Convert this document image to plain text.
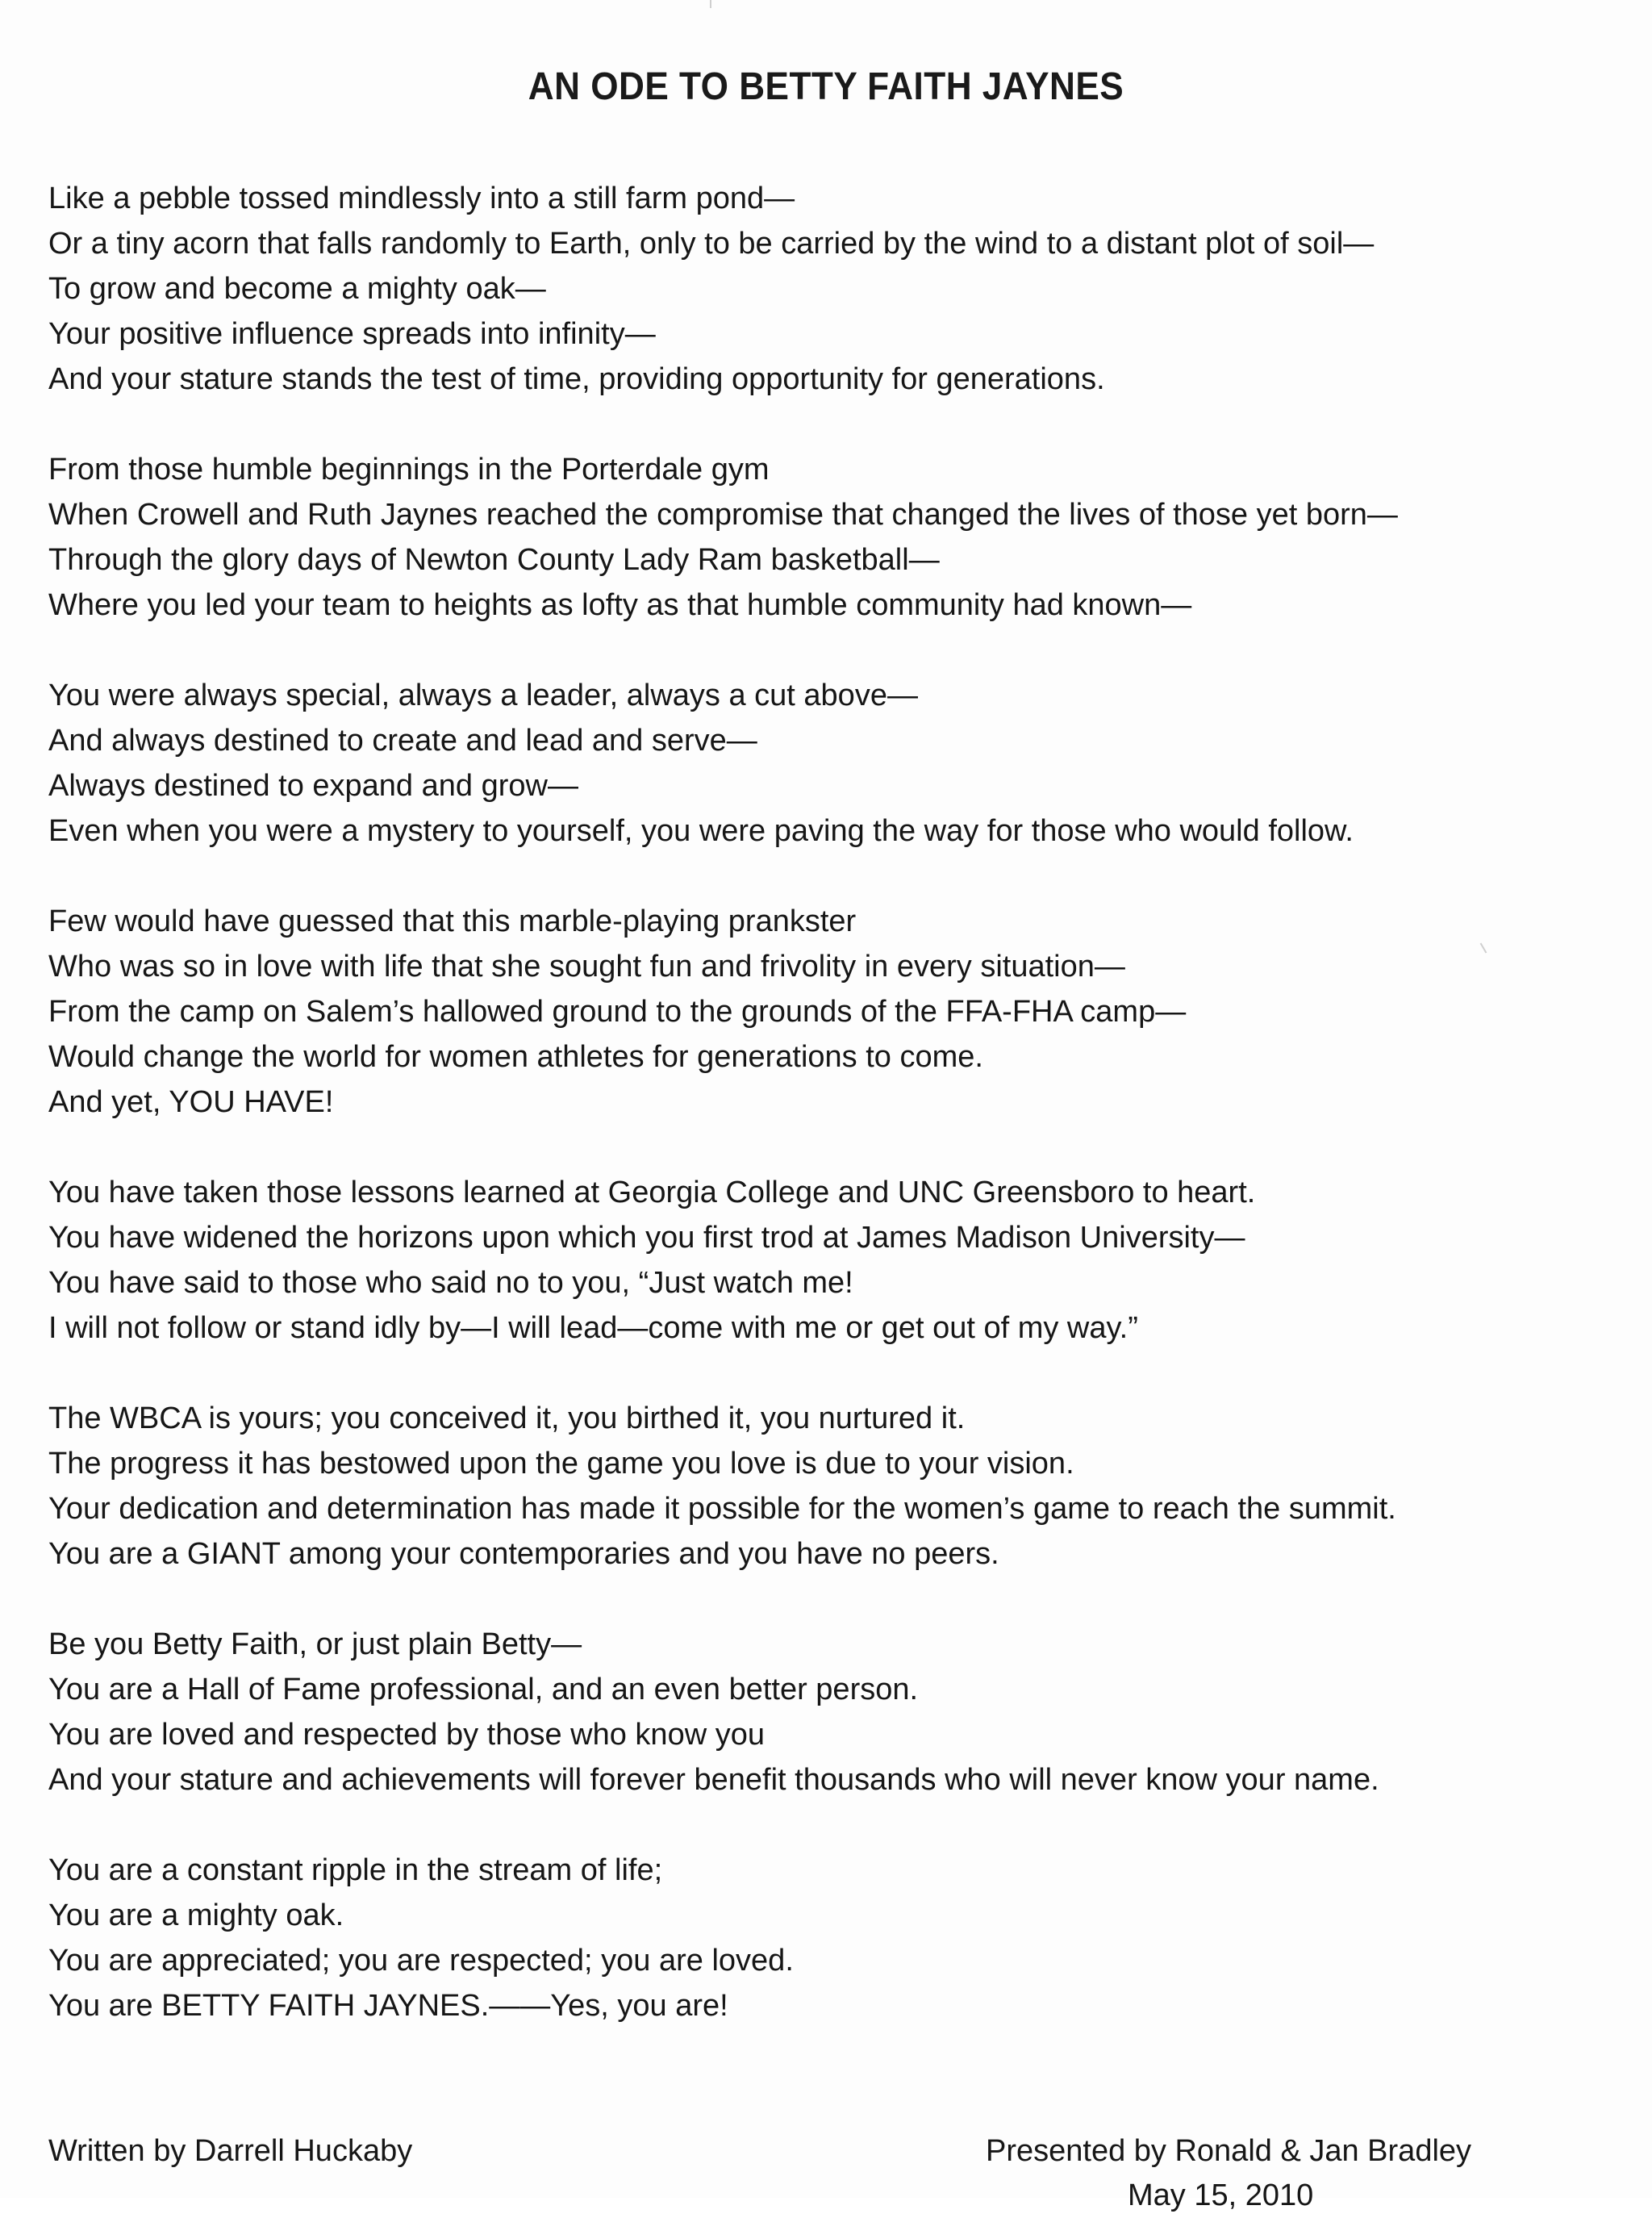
AN ODE TO BETTY FAITH JAYNES
Like a pebble tossed mindlessly into a still farm pond—
Or a tiny acorn that falls randomly to Earth, only to be carried by the wind to a distant plot of soil—
To grow and become a mighty oak—
Your positive influence spreads into infinity—
And your stature stands the test of time, providing opportunity for generations.
From those humble beginnings in the Porterdale gym
When Crowell and Ruth Jaynes reached the compromise that changed the lives of those yet born—
Through the glory days of Newton County Lady Ram basketball—
Where you led your team to heights as lofty as that humble community had known—
You were always special, always a leader, always a cut above—
And always destined to create and lead and serve—
Always destined to expand and grow—
Even when you were a mystery to yourself, you were paving the way for those who would follow.
Few would have guessed that this marble-playing prankster
Who was so in love with life that she sought fun and frivolity in every situation—
From the camp on Salem’s hallowed ground to the grounds of the FFA-FHA camp—
Would change the world for women athletes for generations to come.
And yet, YOU HAVE!
You have taken those lessons learned at Georgia College and UNC Greensboro to heart.
You have widened the horizons upon which you first trod at James Madison University—
You have said to those who said no to you, “Just watch me!
I will not follow or stand idly by—I will lead—come with me or get out of my way.”
The WBCA is yours; you conceived it, you birthed it, you nurtured it.
The progress it has bestowed upon the game you love is due to your vision.
Your dedication and determination has made it possible for the women’s game to reach the summit.
You are a GIANT among your contemporaries and you have no peers.
Be you Betty Faith, or just plain Betty—
You are a Hall of Fame professional, and an even better person.
You are loved and respected by those who know you
And your stature and achievements will forever benefit thousands who will never know your name.
You are a constant ripple in the stream of life;
You are a mighty oak.
You are appreciated; you are respected; you are loved.
You are BETTY FAITH JAYNES.——Yes, you are!
Written by Darrell Huckaby	Presented by Ronald & Jan Bradley
May 15, 2010
